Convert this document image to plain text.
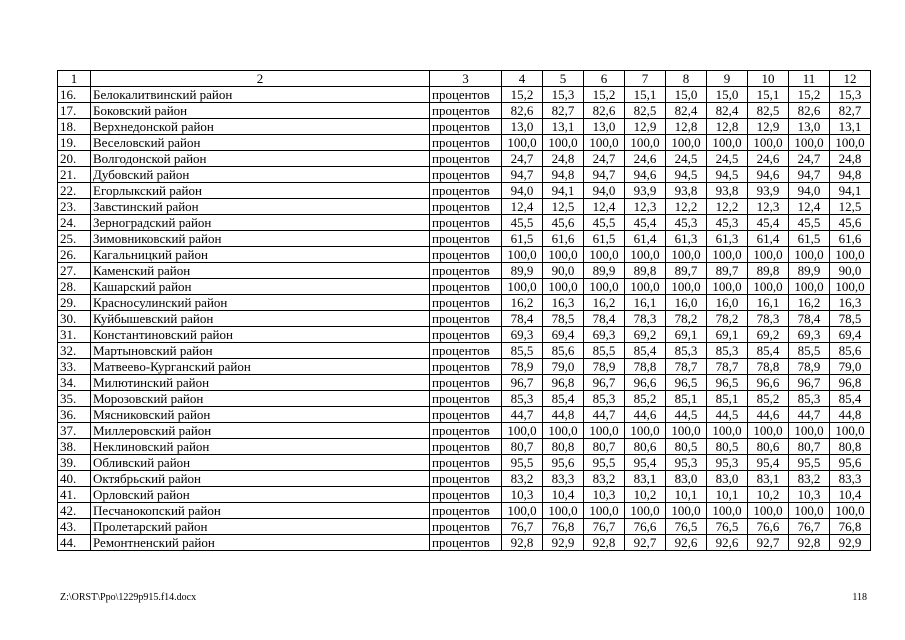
1	2	3	4	5	6	7	8	9	10	11	12
16.	Белокалитвинский район	процентов	15,2	15,3	15,2	15,1	15,0	15,0	15,1	15,2	15,3
17.	Боковский район	процентов	82,6	82,7	82,6	82,5	82,4	82,4	82,5	82,6	82,7
18.	Верхнедонской район	процентов	13,0	13,1	13,0	12,9	12,8	12,8	12,9	13,0	13,1
19.	Веселовский район	процентов	100,0	100,0	100,0	100,0	100,0	100,0	100,0	100,0	100,0
20.	Волгодонской район	процентов	24,7	24,8	24,7	24,6	24,5	24,5	24,6	24,7	24,8
21.	Дубовский район	процентов	94,7	94,8	94,7	94,6	94,5	94,5	94,6	94,7	94,8
22.	Егорлыкский район	процентов	94,0	94,1	94,0	93,9	93,8	93,8	93,9	94,0	94,1
23.	Завстинский район	процентов	12,4	12,5	12,4	12,3	12,2	12,2	12,3	12,4	12,5
24.	Зерноградский район	процентов	45,5	45,6	45,5	45,4	45,3	45,3	45,4	45,5	45,6
25.	Зимовниковский район	процентов	61,5	61,6	61,5	61,4	61,3	61,3	61,4	61,5	61,6
26.	Кагальницкий район	процентов	100,0	100,0	100,0	100,0	100,0	100,0	100,0	100,0	100,0
27.	Каменский район	процентов	89,9	90,0	89,9	89,8	89,7	89,7	89,8	89,9	90,0
28.	Кашарский район	процентов	100,0	100,0	100,0	100,0	100,0	100,0	100,0	100,0	100,0
29.	Красносулинский район	процентов	16,2	16,3	16,2	16,1	16,0	16,0	16,1	16,2	16,3
30.	Куйбышевский район	процентов	78,4	78,5	78,4	78,3	78,2	78,2	78,3	78,4	78,5
31.	Константиновский район	процентов	69,3	69,4	69,3	69,2	69,1	69,1	69,2	69,3	69,4
32.	Мартыновский район	процентов	85,5	85,6	85,5	85,4	85,3	85,3	85,4	85,5	85,6
33.	Матвеево-Курганский район	процентов	78,9	79,0	78,9	78,8	78,7	78,7	78,8	78,9	79,0
34.	Милютинский район	процентов	96,7	96,8	96,7	96,6	96,5	96,5	96,6	96,7	96,8
35.	Морозовский район	процентов	85,3	85,4	85,3	85,2	85,1	85,1	85,2	85,3	85,4
36.	Мясниковский район	процентов	44,7	44,8	44,7	44,6	44,5	44,5	44,6	44,7	44,8
37.	Миллеровский район	процентов	100,0	100,0	100,0	100,0	100,0	100,0	100,0	100,0	100,0
38.	Неклиновский район	процентов	80,7	80,8	80,7	80,6	80,5	80,5	80,6	80,7	80,8
39.	Обливский район	процентов	95,5	95,6	95,5	95,4	95,3	95,3	95,4	95,5	95,6
40.	Октябрьский район	процентов	83,2	83,3	83,2	83,1	83,0	83,0	83,1	83,2	83,3
41.	Орловский район	процентов	10,3	10,4	10,3	10,2	10,1	10,1	10,2	10,3	10,4
42.	Песчанокопский район	процентов	100,0	100,0	100,0	100,0	100,0	100,0	100,0	100,0	100,0
43.	Пролетарский район	процентов	76,7	76,8	76,7	76,6	76,5	76,5	76,6	76,7	76,8
44.	Ремонтненский район	процентов	92,8	92,9	92,8	92,7	92,6	92,6	92,7	92,8	92,9
Z:\ORST\Ppo\1229p915.f14.docx	118
